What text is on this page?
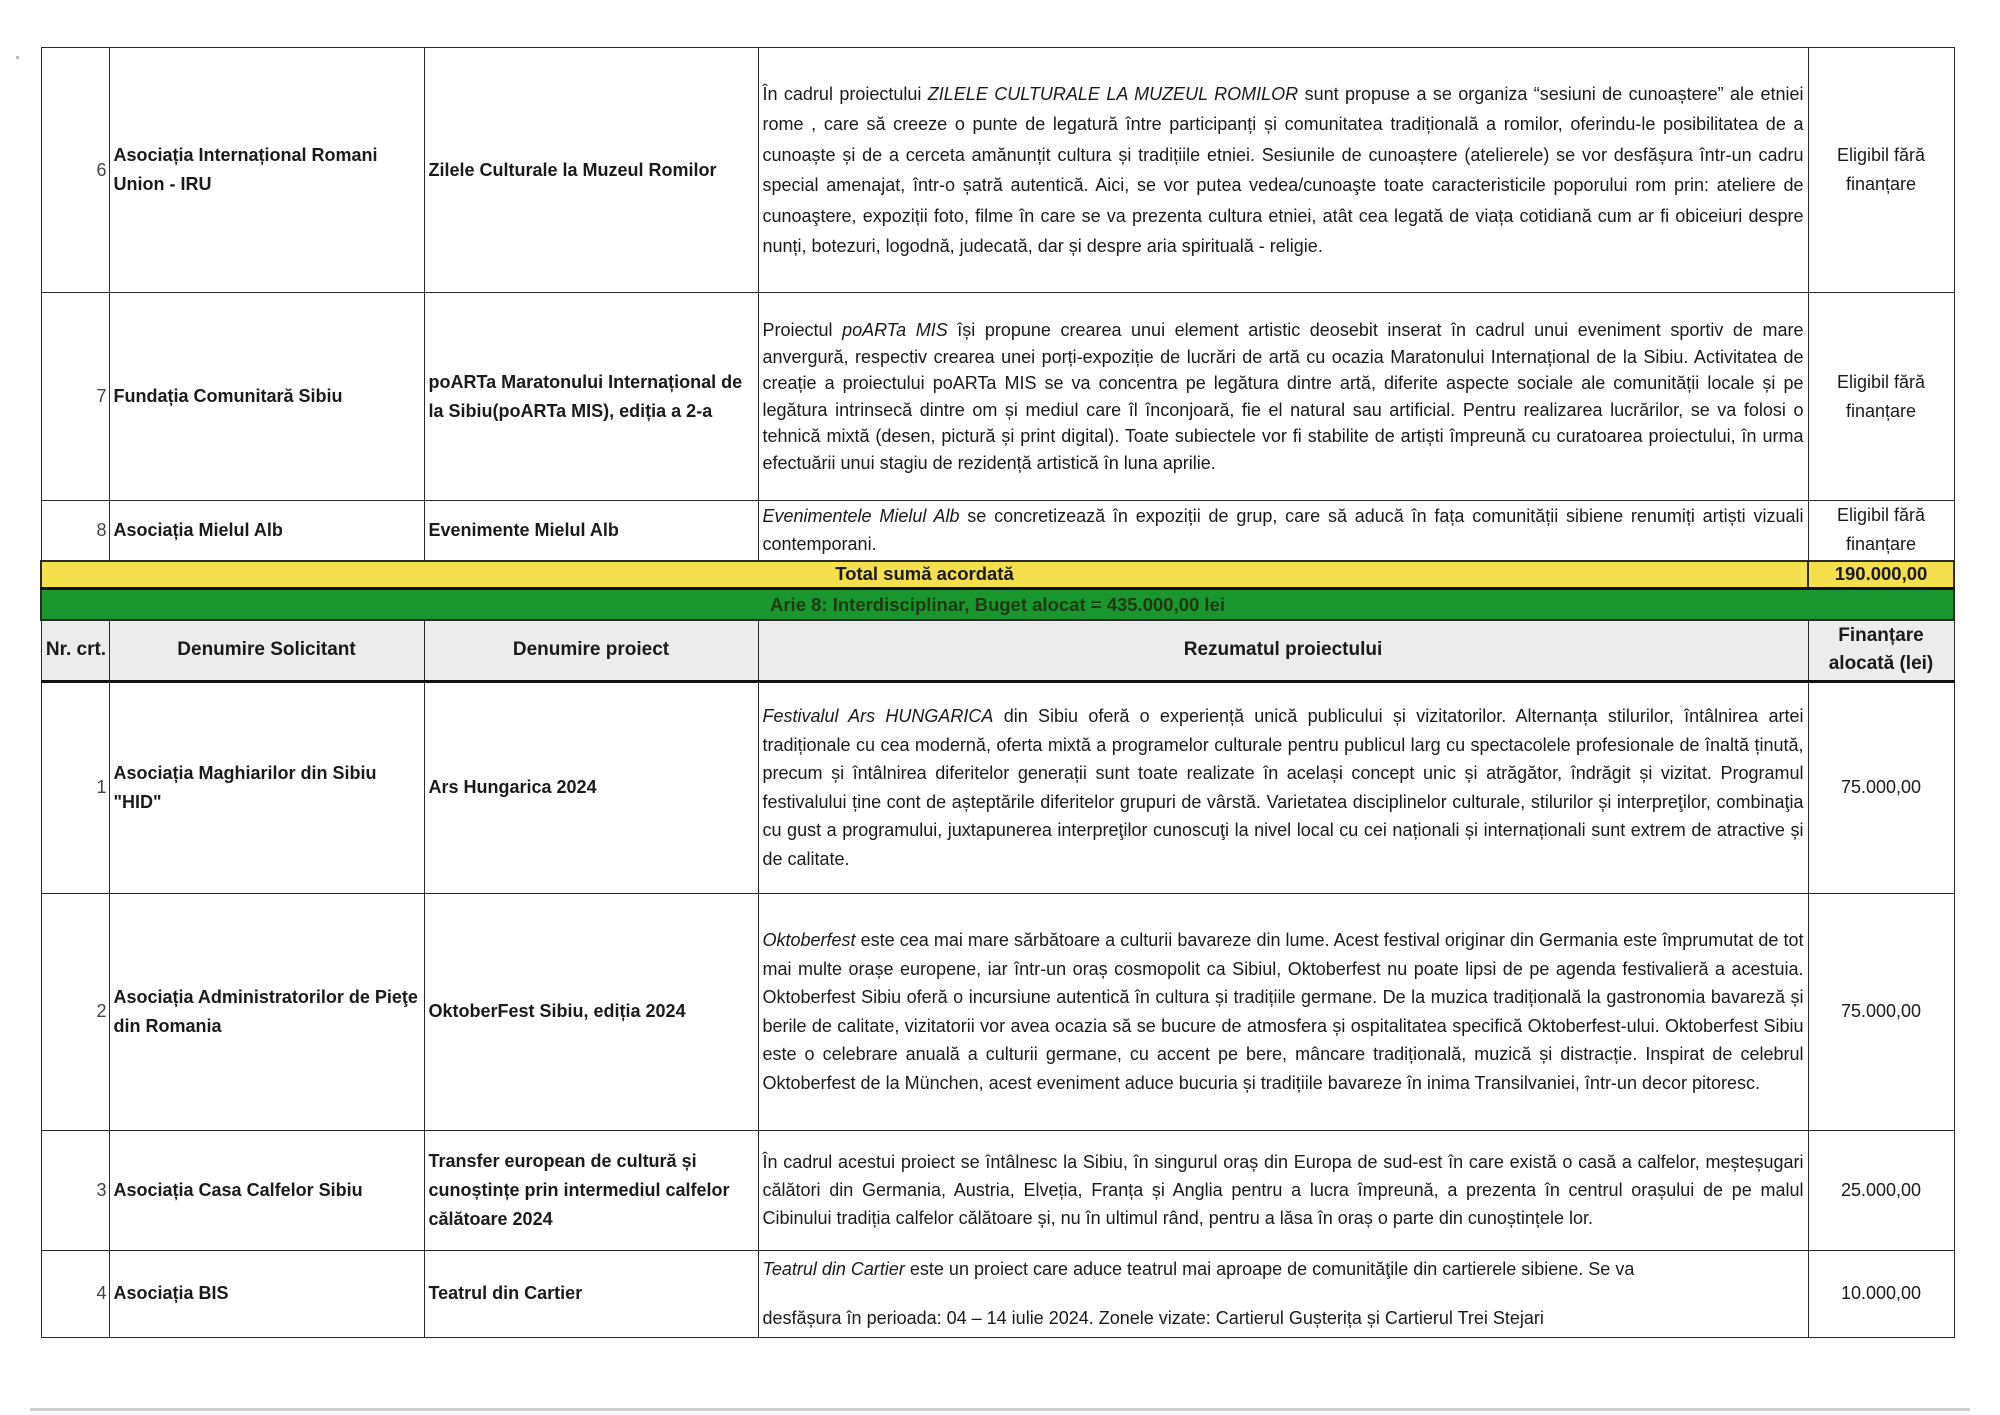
6	Asociația Internațional Romani Union - IRU	Zilele Culturale la Muzeul Romilor	În cadrul proiectului ZILELE CULTURALE LA MUZEUL ROMILOR sunt propuse a se organiza “sesiuni de cunoaștere” ale etniei rome , care să creeze o punte de legatură între participanți și comunitatea tradițională a romilor, oferindu-le posibilitatea de a cunoaște și de a cerceta amănunțit cultura și tradițiile etniei. Sesiunile de cunoaștere (atelierele) se vor desfășura într-un cadru special amenajat, într-o șatră autentică. Aici, se vor putea vedea/cunoaşte toate caracteristicile poporului rom prin: ateliere de cunoaştere, expoziții foto, filme în care se va prezenta cultura etniei, atât cea legată de viața cotidiană cum ar fi obiceiuri despre nunți, botezuri, logodnă, judecată, dar și despre aria spirituală - religie.	Eligibil fără finanțare
7	Fundația Comunitară Sibiu	poARTa Maratonului Internațional de la Sibiu(poARTa MIS), ediția a 2-a	Proiectul poARTa MIS își propune crearea unui element artistic deosebit inserat în cadrul unui eveniment sportiv de mare anvergură, respectiv crearea unei porți-expoziție de lucrări de artă cu ocazia Maratonului Internațional de la Sibiu. Activitatea de creație a proiectului poARTa MIS se va concentra pe legătura dintre artă, diferite aspecte sociale ale comunității locale și pe legătura intrinsecă dintre om și mediul care îl înconjoară, fie el natural sau artificial. Pentru realizarea lucrărilor, se va folosi o tehnică mixtă (desen, pictură și print digital). Toate subiectele vor fi stabilite de artiști împreună cu curatoarea proiectului, în urma efectuării unui stagiu de rezidență artistică în luna aprilie.	Eligibil fără finanțare
8	Asociația Mielul Alb	Evenimente Mielul Alb	Evenimentele Mielul Alb se concretizează în expoziții de grup, care să aducă în fața comunității sibiene renumiți artiști vizuali contemporani.	Eligibil fără finanțare
Total sumă acordată				190.000,00
Arie 8: Interdisciplinar, Buget alocat = 435.000,00 lei				
Nr. crt.	Denumire Solicitant	Denumire proiect	Rezumatul proiectului	Finanțare alocată (lei)
1	Asociația Maghiarilor din Sibiu "HID"	Ars Hungarica 2024	Festivalul Ars HUNGARICA din Sibiu oferă o experiență unică publicului și vizitatorilor. Alternanța stilurilor, întâlnirea artei tradiționale cu cea modernă, oferta mixtă a programelor culturale pentru publicul larg cu spectacolele profesionale de înaltă ținută, precum și întâlnirea diferitelor generații sunt toate realizate în același concept unic și atrăgător, îndrăgit și vizitat. Programul festivalului ține cont de așteptările diferitelor grupuri de vârstă. Varietatea disciplinelor culturale, stilurilor și interpreţilor, combinaţia cu gust a programului, juxtapunerea interpreţilor cunoscuţi la nivel local cu cei naționali și internaționali sunt extrem de atractive și de calitate.	75.000,00
2	Asociația Administratorilor de Pieţe din Romania	OktoberFest Sibiu, ediția 2024	Oktoberfest este cea mai mare sărbătoare a culturii bavareze din lume. Acest festival originar din Germania este împrumutat de tot mai multe orașe europene, iar într-un oraș cosmopolit ca Sibiul, Oktoberfest nu poate lipsi de pe agenda festivalieră a acestuia. Oktoberfest Sibiu oferă o incursiune autentică în cultura și tradițiile germane. De la muzica tradițională la gastronomia bavareză și berile de calitate, vizitatorii vor avea ocazia să se bucure de atmosfera și ospitalitatea specifică Oktoberfest-ului. Oktoberfest Sibiu este o celebrare anuală a culturii germane, cu accent pe bere, mâncare tradițională, muzică și distracție. Inspirat de celebrul Oktoberfest de la München, acest eveniment aduce bucuria și tradițiile bavareze în inima Transilvaniei, într-un decor pitoresc.	75.000,00
3	Asociația Casa Calfelor Sibiu	Transfer european de cultură și cunoștințe prin intermediul calfelor călătoare 2024	În cadrul acestui proiect se întâlnesc la Sibiu, în singurul oraș din Europa de sud-est în care există o casă a calfelor, meșteșugari călători din Germania, Austria, Elveția, Franța și Anglia pentru a lucra împreună, a prezenta în centrul orașului de pe malul Cibinului tradiția calfelor călătoare și, nu în ultimul rând, pentru a lăsa în oraș o parte din cunoștințele lor.	25.000,00
4	Asociația BIS	Teatrul din Cartier	Teatrul din Cartier este un proiect care aduce teatrul mai aproape de comunităţile din cartierele sibiene. Se va
desfășura în perioada: 04 – 14 iulie 2024. Zonele vizate: Cartierul Gușterița și Cartierul Trei Stejari	10.000,00
